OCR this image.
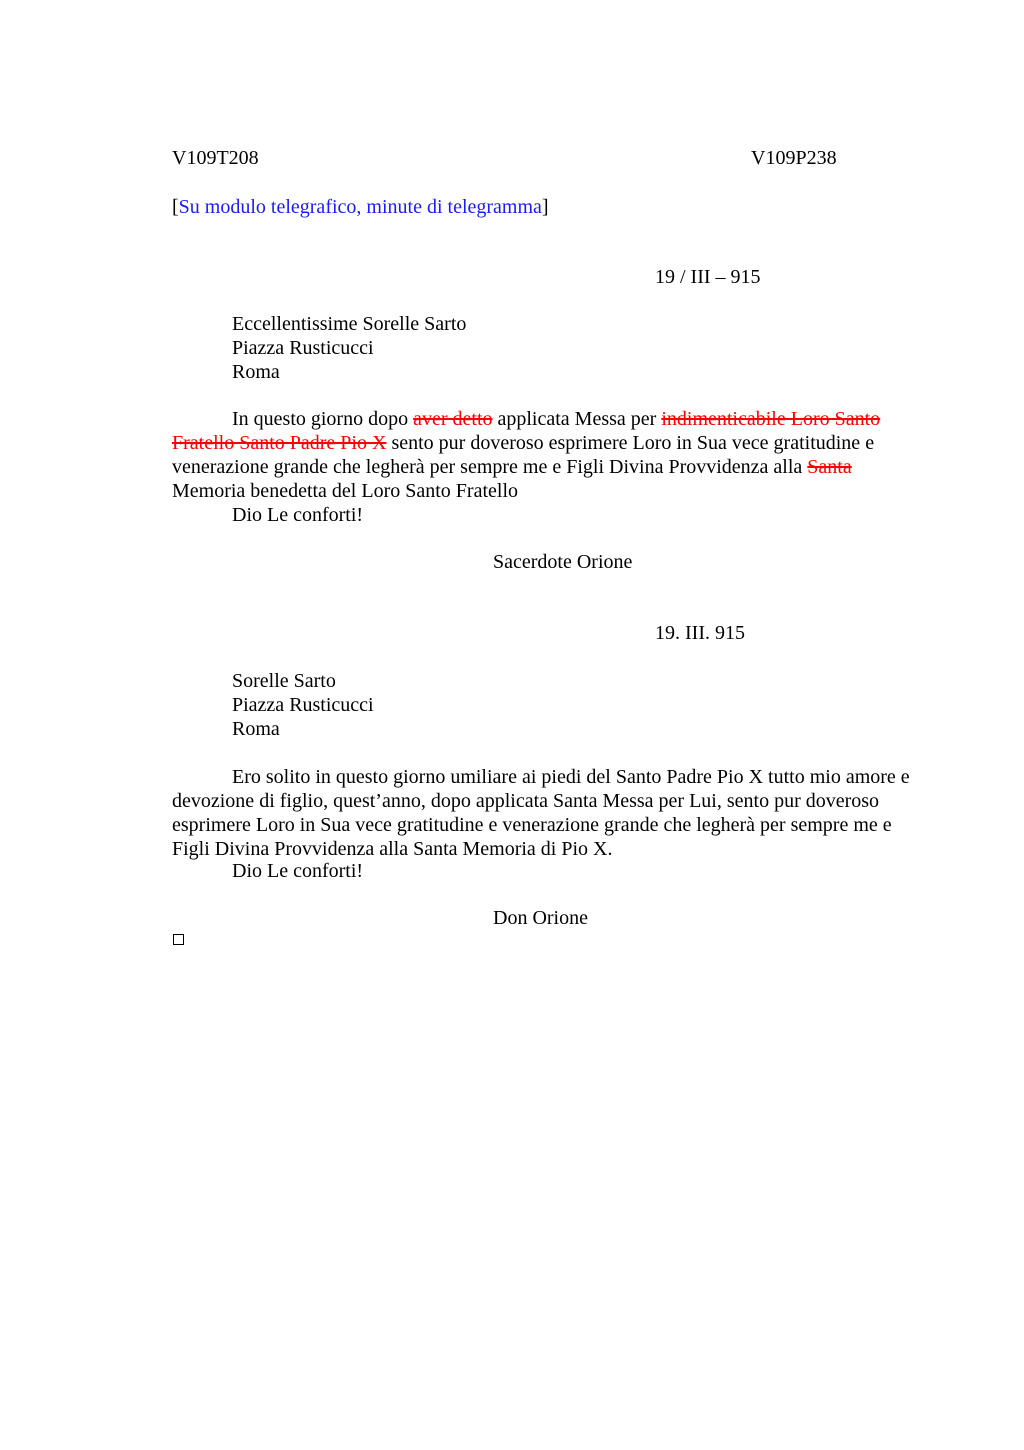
V109T208	V109P238
[Su modulo telegrafico, minute di telegramma]
19 / III – 915
Eccellentissime Sorelle Sarto
Piazza Rusticucci
Roma

In questo giorno dopo aver detto applicata Messa per indimenticabile Loro Santo Fratello Santo Padre Pio X sento pur doveroso esprimere Loro in Sua vece gratitudine e venerazione grande che legherà per sempre me e Figli Divina Provvidenza alla Santa Memoria benedetta del Loro Santo Fratello

Dio Le conforti!
Sacerdote Orione
19. III. 915
Sorelle Sarto
Piazza Rusticucci
Roma

Ero solito in questo giorno umiliare ai piedi del Santo Padre Pio X tutto mio amore e devozione di figlio, quest’anno, dopo applicata Santa Messa per Lui, sento pur doveroso esprimere Loro in Sua vece gratitudine e venerazione grande che legherà per sempre me e Figli Divina Provvidenza alla Santa Memoria di Pio X.

Dio Le conforti!
Don Orione
